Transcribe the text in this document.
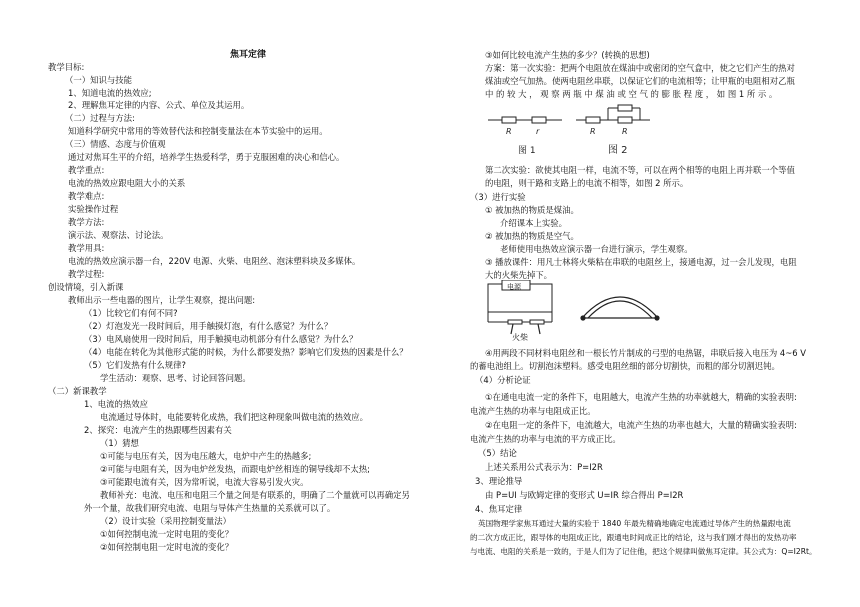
焦耳定律
教学目标:
（一）知识与技能
1、知道电流的热效应;
2、理解焦耳定律的内容、公式、单位及其运用。
（二）过程与方法:
知道科学研究中常用的等效替代法和控制变量法在本节实验中的运用。
（三）情感、态度与价值观
通过对焦耳生平的介绍，培养学生热爱科学，勇于克服困难的决心和信心。
教学重点:
电流的热效应跟电阻大小的关系
教学难点:
实验操作过程
教学方法:
演示法、观察法、讨论法。
教学用具:
电流的热效应演示器一台，220V 电源、火柴、电阻丝、泡沫塑料块及多媒体。
教学过程:
创设情境，引入新课
教师出示一些电器的图片，让学生观察，提出问题:
（1）比较它们有何不同?
（2）灯泡发光一段时间后，用手触摸灯泡，有什么感觉？为什么？
（3）电风扇使用一段时间后，用手触摸电动机部分有什么感觉？为什么？
（4）电能在转化为其他形式能的时候，为什么都要发热？影响它们发热的因素是什么？
（5）它们发热有什么规律?
学生活动：观察、思考、讨论回答问题。
（二）新课教学
1、电流的热效应
电流通过导体时，电能要转化成热，我们把这种现象叫做电流的热效应。
2、探究：电流产生的热跟哪些因素有关
（1）猜想
①可能与电压有关，因为电压越大，电炉中产生的热越多;
②可能与电阻有关，因为电炉丝发热，而跟电炉丝相连的铜导线却不太热;
③可能跟电流有关，因为常听说，电流大容易引发火灾。
教师补充：电流、电压和电阻三个量之间是有联系的，明确了二个量就可以再确定另
外一个量，故我们研究电流、电阻与导体产生热量的关系就可以了。
（2）设计实验（采用控制变量法）
①如何控制电流一定时电阻的变化？
②如何控制电阻一定时电流的变化？
③如何比较电流产生热的多少？(转换的思想)
方案：第一次实验：把两个电阻放在煤油中或密闭的空气盒中，使之它们产生的热对
煤油或空气加热。使两电阻丝串联，以保证它们的电流相等；让甲瓶的电阻相对乙瓶
中 的 较 大 ， 观 察 两 瓶 中 煤 油 或 空 气 的 膨 胀 程 度 ， 如 图 1 所 示 。
R	r	R	R
图 1	图 2
第二次实验：欲使其电阻一样，电流不等，可以在两个相等的电阻上再并联一个等值
的电阻，则干路和支路上的电流不相等，如图 2 所示。
（3）进行实验
① 被加热的物质是煤油。
介绍课本上实验。
② 被加热的物质是空气。
老师使用电热效应演示器一台进行演示，学生观察。
③ 播放课件：用凡士林将火柴粘在串联的电阻丝上，接通电源，过一会儿发现，电阻
大的火柴先掉下。
电源
火柴
④用两段不同材料电阻丝和一根长竹片制成的弓型的电热锯，串联后接入电压为 4~6 V
的蓄电池组上。切割泡沫塑料。感受电阻丝细的部分切割快，而粗的部分切割迟钝。
（4）分析论证
①在通电电流一定的条件下，电阻越大，电流产生热的功率就越大，精确的实验表明:
电流产生热的功率与电阻成正比。
②在电阻一定的条件下，电流越大，电流产生热的功率也越大，大量的精确实验表明:
电流产生热的功率与电流的平方成正比。
（5）结论
上述关系用公式表示为：P=I2R
3、理论推导
由 P=UI 与欧姆定律的变形式 U=IR 综合得出 P=I2R
4、焦耳定律
英国物理学家焦耳通过大量的实验于 1840 年最先精确地确定电流通过导体产生的热量跟电流
的二次方成正比，跟导体的电阻成正比，跟通电时间成正比的结论，这与我们刚才得出的发热功率
与电流、电阻的关系是一致的，于是人们为了记住他，把这个规律叫做焦耳定律。其公式为：Q=I2Rt。
